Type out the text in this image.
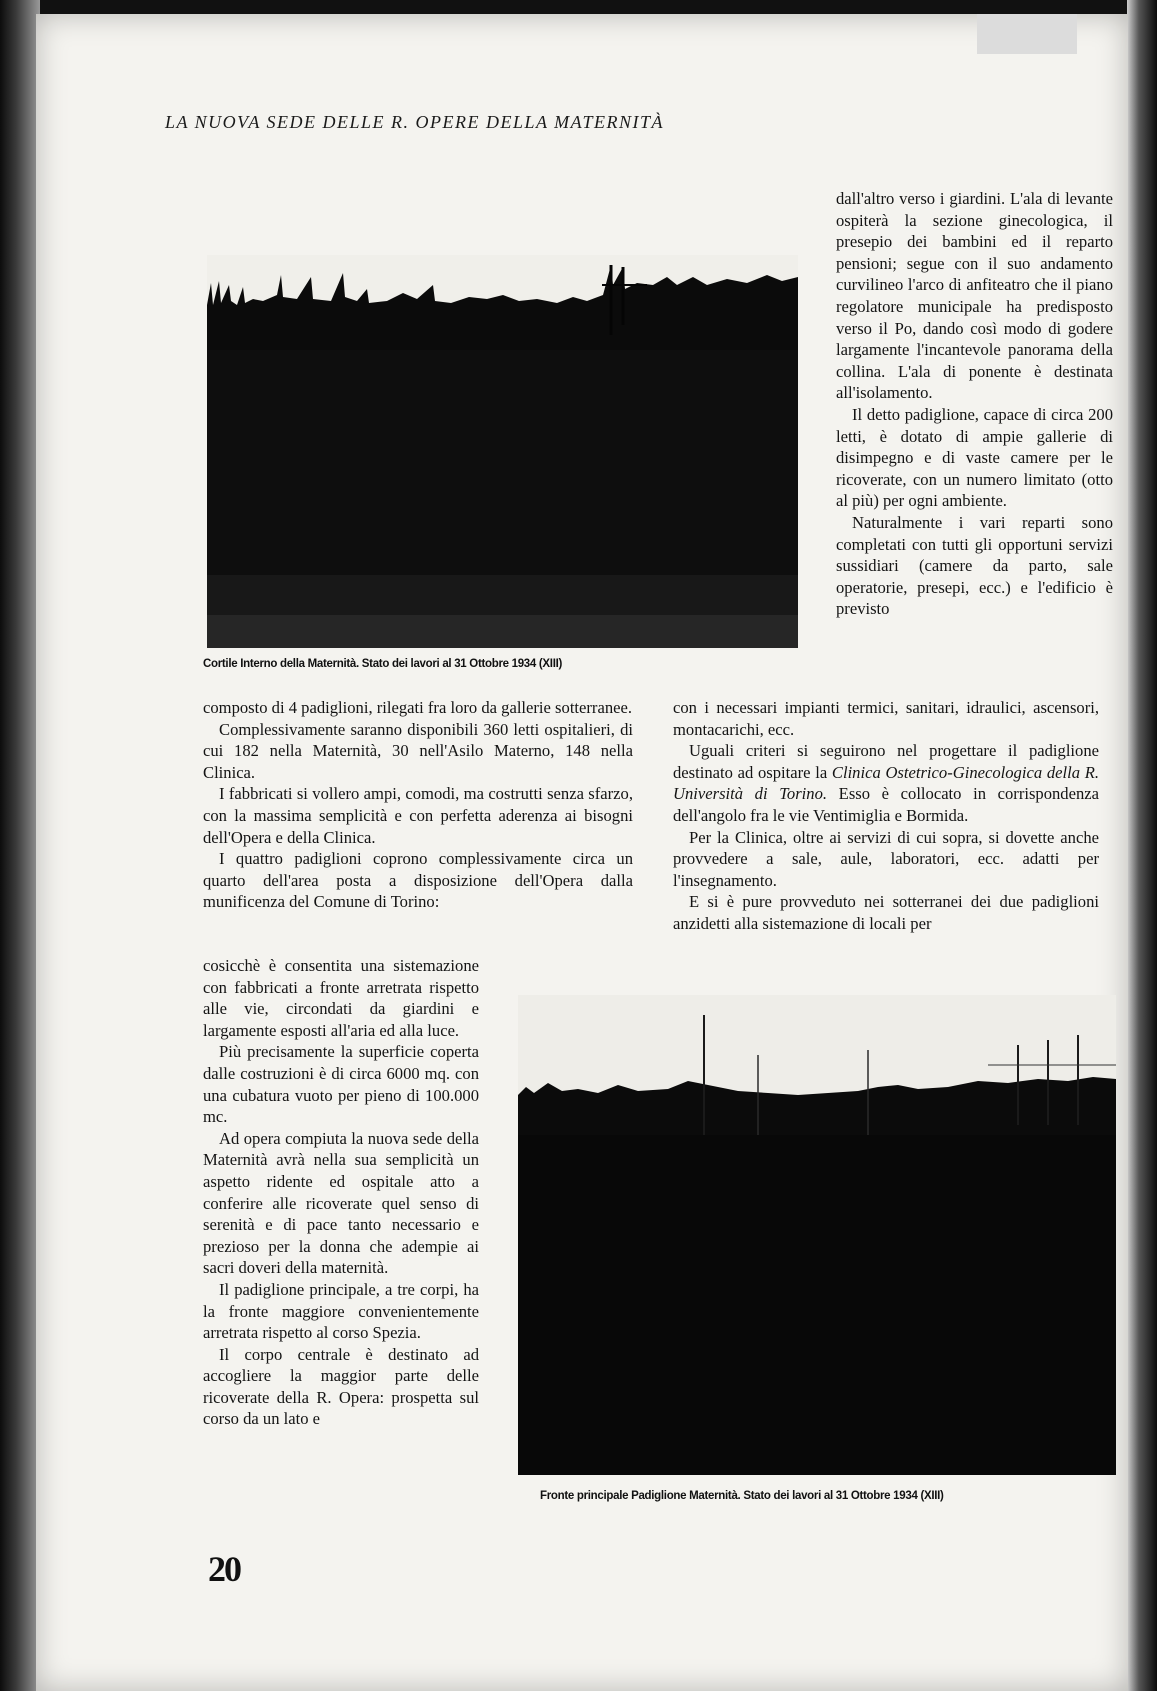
LA NUOVA SEDE DELLE R. OPERE DELLA MATERNITÀ
Cortile Interno della Maternità. Stato dei lavori al 31 Ottobre 1934 (XIII)

dall'altro verso i giardini. L'ala di levante ospiterà la sezione ginecologica, il presepio dei bambini ed il reparto pensioni; segue con il suo andamento curvilineo l'arco di anfiteatro che il piano regolatore municipale ha predisposto verso il Po, dando così modo di godere largamente l'incantevole panorama della collina. L'ala di ponente è destinata all'isolamento.

Il detto padiglione, capace di circa 200 letti, è dotato di ampie gallerie di disimpegno e di vaste camere per le ricoverate, con un numero limitato (otto al più) per ogni ambiente.

Naturalmente i vari reparti sono completati con tutti gli opportuni servizi sussidiari (camere da parto, sale operatorie, presepi, ecc.) e l'edificio è previsto

con i necessari impianti termici, sanitari, idraulici, ascensori, montacarichi, ecc.

Uguali criteri si seguirono nel progettare il padiglione destinato ad ospitare la Clinica Ostetrico-Ginecologica della R. Università di Torino. Esso è collocato in corrispondenza dell'angolo fra le vie Ventimiglia e Bormida.

Per la Clinica, oltre ai servizi di cui sopra, si dovette anche provvedere a sale, aule, laboratori, ecc. adatti per l'insegnamento.

E si è pure provveduto nei sotterranei dei due padiglioni anzidetti alla sistemazione di locali per

composto di 4 padiglioni, rilegati fra loro da gallerie sotterranee.

Complessivamente saranno disponibili 360 letti ospitalieri, di cui 182 nella Maternità, 30 nell'Asilo Materno, 148 nella Clinica.

I fabbricati si vollero ampi, comodi, ma costrutti senza sfarzo, con la massima semplicità e con perfetta aderenza ai bisogni dell'Opera e della Clinica.

I quattro padiglioni coprono complessivamente circa un quarto dell'area posta a disposizione dell'Opera dalla munificenza del Comune di Torino:

cosicchè è consentita una sistemazione con fabbricati a fronte arretrata rispetto alle vie, circondati da giardini e largamente esposti all'aria ed alla luce.

Più precisamente la superficie coperta dalle costruzioni è di circa 6000 mq. con una cubatura vuoto per pieno di 100.000 mc.

Ad opera compiuta la nuova sede della Maternità avrà nella sua semplicità un aspetto ridente ed ospitale atto a conferire alle ricoverate quel senso di serenità e di pace tanto necessario e prezioso per la donna che adempie ai sacri doveri della maternità.

Il padiglione principale, a tre corpi, ha la fronte maggiore convenientemente arretrata rispetto al corso Spezia.

Il corpo centrale è destinato ad accogliere la maggior parte delle ricoverate della R. Opera: prospetta sul corso da un lato e

Fronte principale Padiglione Maternità. Stato dei lavori al 31 Ottobre 1934 (XIII)
20
